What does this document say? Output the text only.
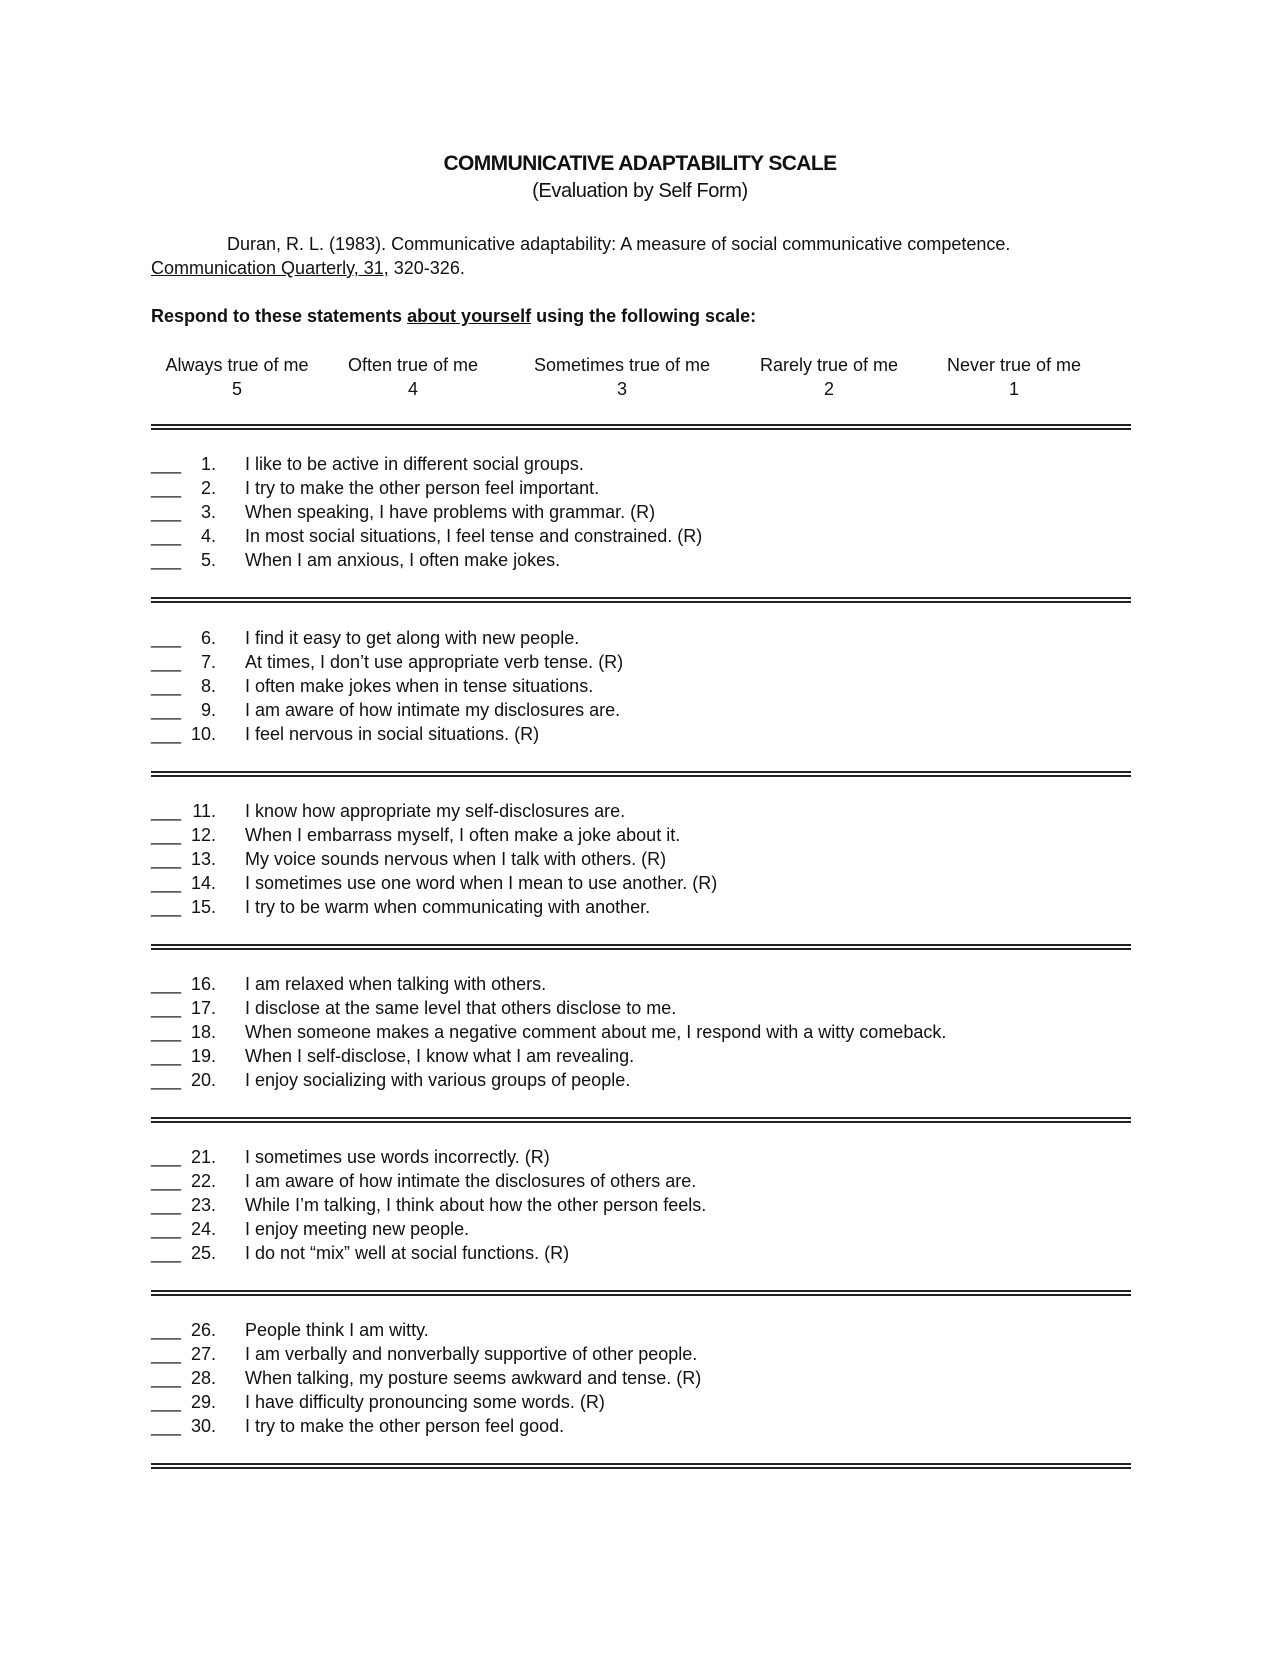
COMMUNICATIVE ADAPTABILITY SCALE
(Evaluation by Self Form)
Duran, R. L. (1983). Communicative adaptability: A measure of social communicative competence.
Communication Quarterly, 31, 320-326.
Respond to these statements about yourself using the following scale:
Always true of me
5
Often true of me
4
Sometimes true of me
3
Rarely true of me
2
Never true of me
1
___ 1. I like to be active in different social groups.
___ 2. I try to make the other person feel important.
___ 3. When speaking, I have problems with grammar. (R)
___ 4. In most social situations, I feel tense and constrained. (R)
___ 5. When I am anxious, I often make jokes.
___ 6. I find it easy to get along with new people.
___ 7. At times, I don’t use appropriate verb tense. (R)
___ 8. I often make jokes when in tense situations.
___ 9. I am aware of how intimate my disclosures are.
___ 10. I feel nervous in social situations. (R)
___ 11. I know how appropriate my self-disclosures are.
___ 12. When I embarrass myself, I often make a joke about it.
___ 13. My voice sounds nervous when I talk with others. (R)
___ 14. I sometimes use one word when I mean to use another. (R)
___ 15. I try to be warm when communicating with another.
___ 16. I am relaxed when talking with others.
___ 17. I disclose at the same level that others disclose to me.
___ 18. When someone makes a negative comment about me, I respond with a witty comeback.
___ 19. When I self-disclose, I know what I am revealing.
___ 20. I enjoy socializing with various groups of people.
___ 21. I sometimes use words incorrectly. (R)
___ 22. I am aware of how intimate the disclosures of others are.
___ 23. While I’m talking, I think about how the other person feels.
___ 24. I enjoy meeting new people.
___ 25. I do not “mix” well at social functions. (R)
___ 26. People think I am witty.
___ 27. I am verbally and nonverbally supportive of other people.
___ 28. When talking, my posture seems awkward and tense. (R)
___ 29. I have difficulty pronouncing some words. (R)
___ 30. I try to make the other person feel good.
